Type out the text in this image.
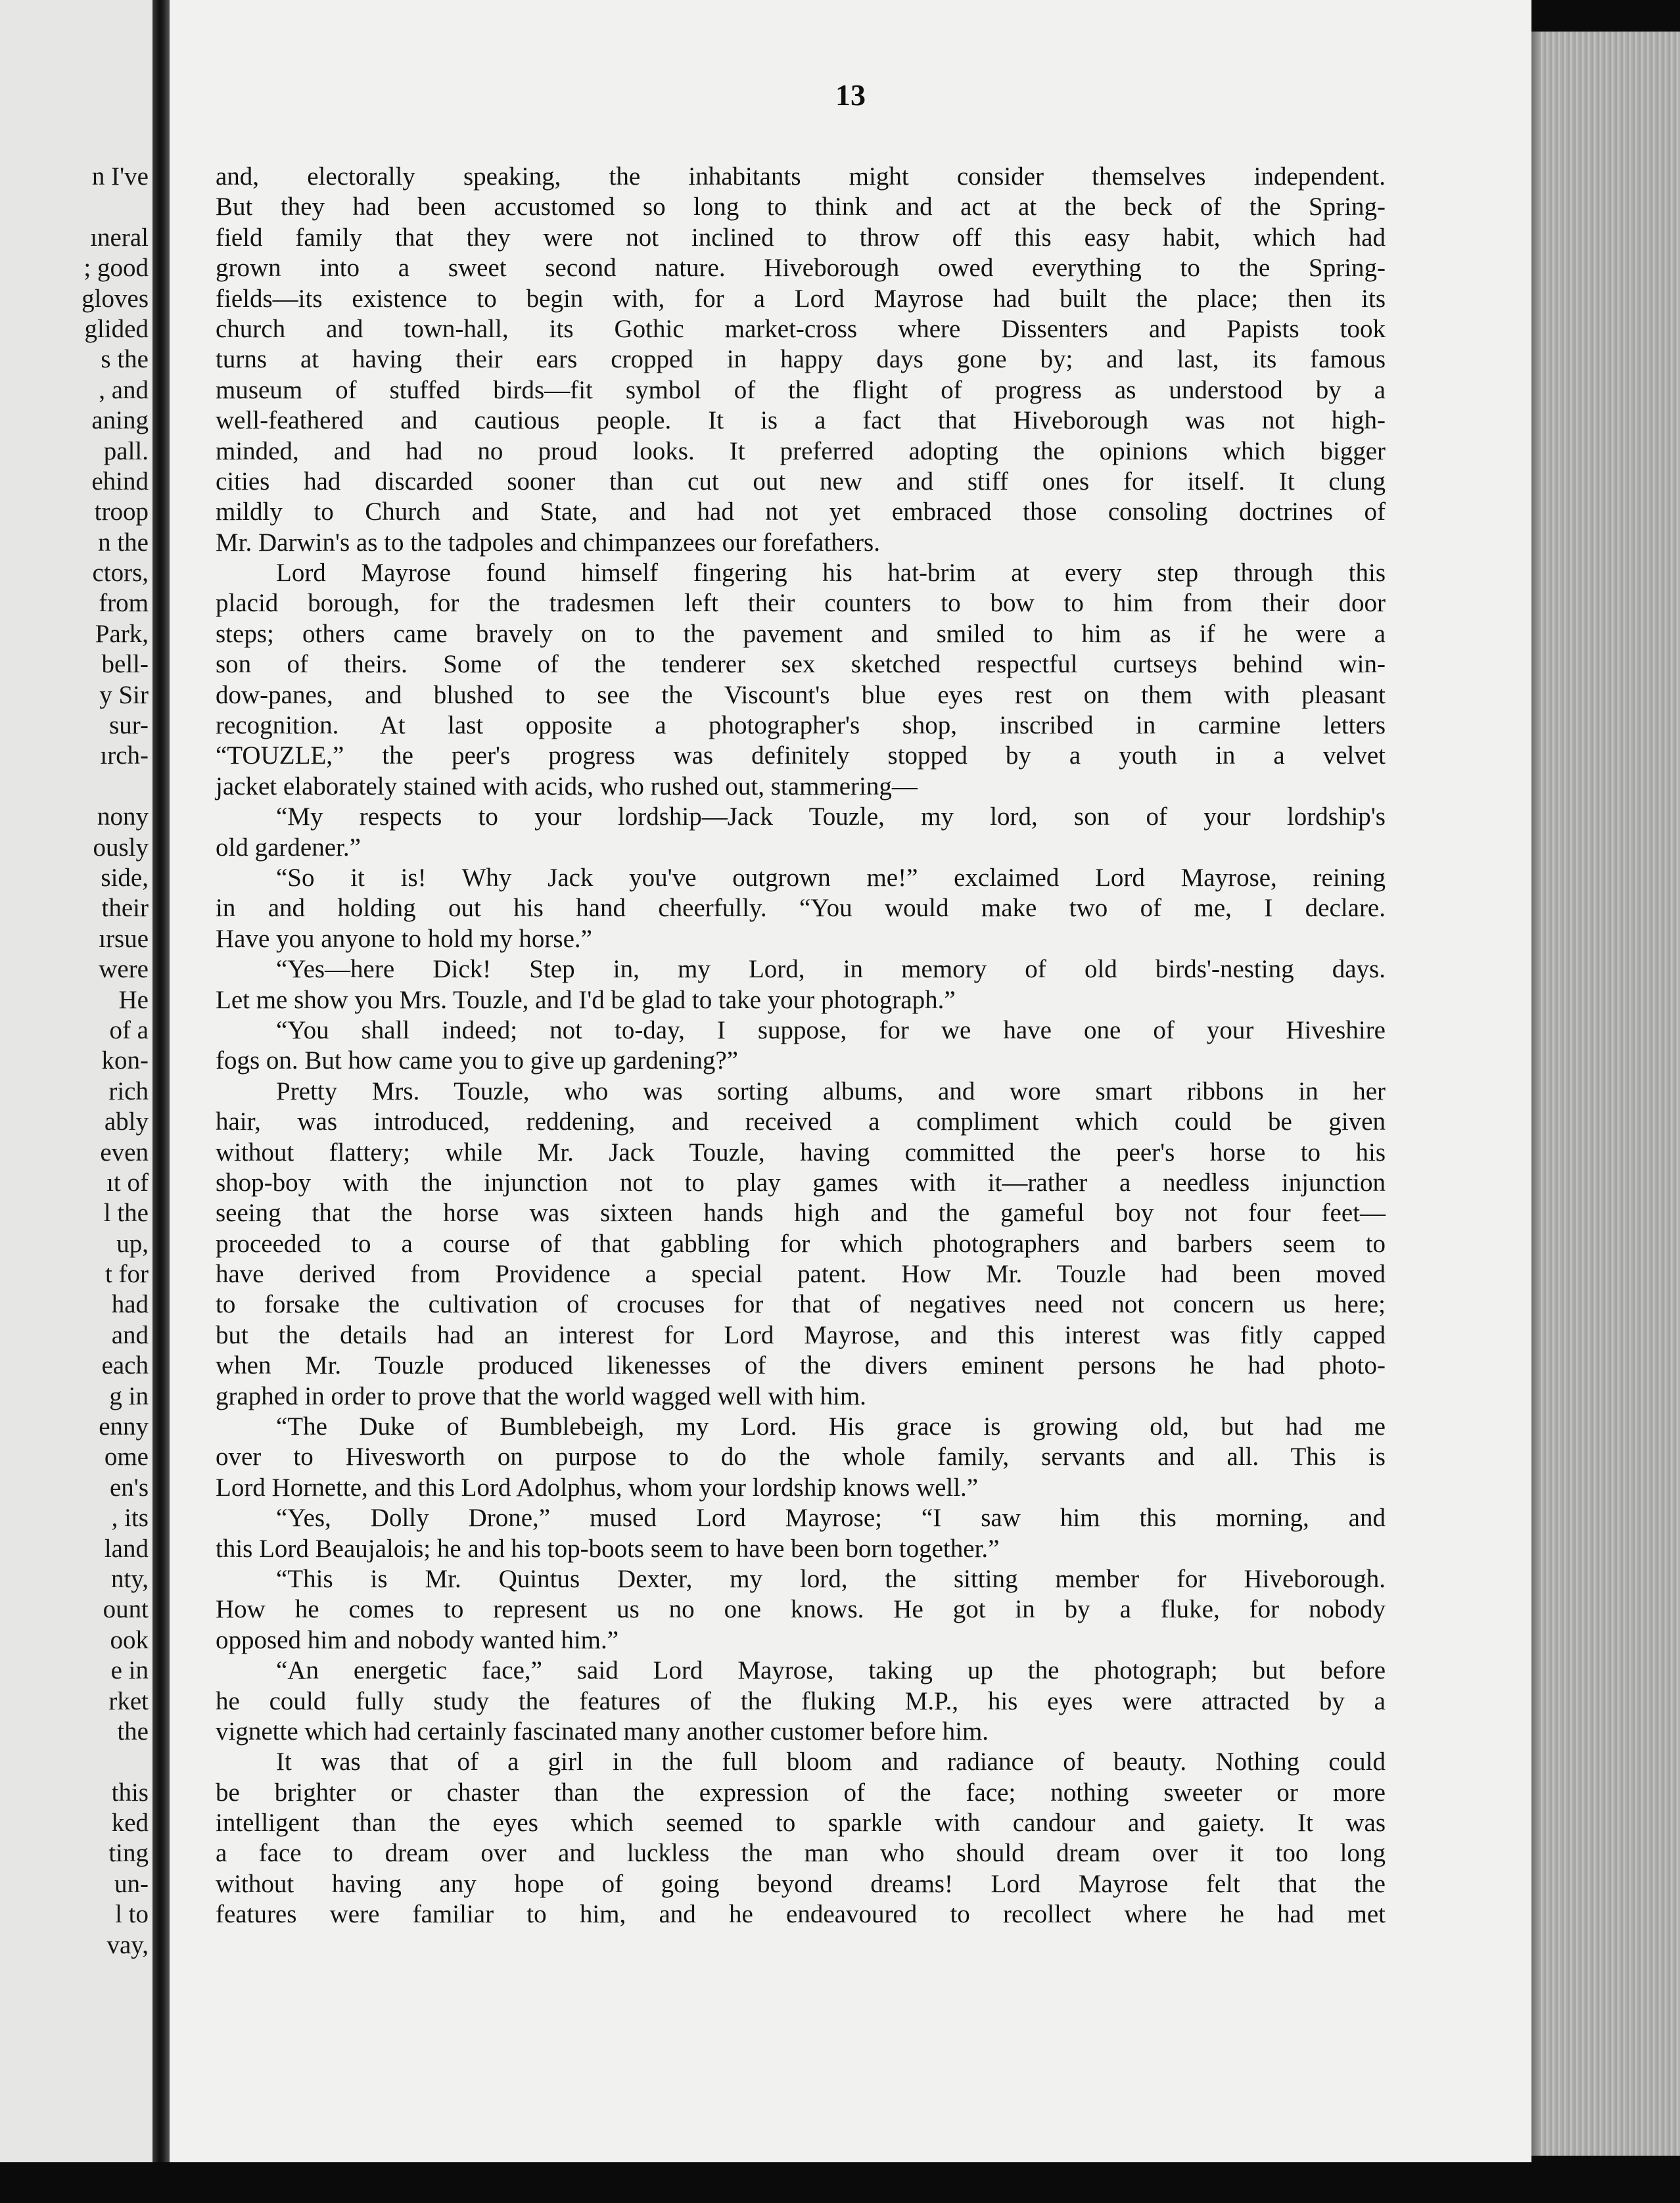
n I've
ıneral
; good
gloves
glided
s the
, and
aning
pall.
ehind
troop
n the
ctors,
from
Park,
bell-
y Sir
sur-
ırch-
nony
ously
side,
their
ırsue
were
He
of a
kon-
rich
ably
even
ıt of
l the
up,
t for
had
and
each
g in
enny
ome
en's
, its
land
nty,
ount
ook
e in
rket
the
this
ked
ting
un-
l to
vay,
13
and, electorally speaking, the inhabitants might consider themselves independent.
But they had been accustomed so long to think and act at the beck of the Spring-
field family that they were not inclined to throw off this easy habit, which had
grown into a sweet second nature. Hiveborough owed everything to the Spring-
fields—its existence to begin with, for a Lord Mayrose had built the place; then its
church and town-hall, its Gothic market-cross where Dissenters and Papists took
turns at having their ears cropped in happy days gone by; and last, its famous
museum of stuffed birds—fit symbol of the flight of progress as understood by a
well-feathered and cautious people. It is a fact that Hiveborough was not high-
minded, and had no proud looks. It preferred adopting the opinions which bigger
cities had discarded sooner than cut out new and stiff ones for itself. It clung
mildly to Church and State, and had not yet embraced those consoling doctrines of
Mr. Darwin's as to the tadpoles and chimpanzees our forefathers.
Lord Mayrose found himself fingering his hat-brim at every step through this
placid borough, for the tradesmen left their counters to bow to him from their door
steps; others came bravely on to the pavement and smiled to him as if he were a
son of theirs. Some of the tenderer sex sketched respectful curtseys behind win-
dow-panes, and blushed to see the Viscount's blue eyes rest on them with pleasant
recognition. At last opposite a photographer's shop, inscribed in carmine letters
“TOUZLE,” the peer's progress was definitely stopped by a youth in a velvet
jacket elaborately stained with acids, who rushed out, stammering—
“My respects to your lordship—Jack Touzle, my lord, son of your lordship's
old gardener.”
“So it is! Why Jack you've outgrown me!” exclaimed Lord Mayrose, reining
in and holding out his hand cheerfully. “You would make two of me, I declare.
Have you anyone to hold my horse.”
“Yes—here Dick! Step in, my Lord, in memory of old birds'-nesting days.
Let me show you Mrs. Touzle, and I'd be glad to take your photograph.”
“You shall indeed; not to-day, I suppose, for we have one of your Hiveshire
fogs on. But how came you to give up gardening?”
Pretty Mrs. Touzle, who was sorting albums, and wore smart ribbons in her
hair, was introduced, reddening, and received a compliment which could be given
without flattery; while Mr. Jack Touzle, having committed the peer's horse to his
shop-boy with the injunction not to play games with it—rather a needless injunction
seeing that the horse was sixteen hands high and the gameful boy not four feet—
proceeded to a course of that gabbling for which photographers and barbers seem to
have derived from Providence a special patent. How Mr. Touzle had been moved
to forsake the cultivation of crocuses for that of negatives need not concern us here;
but the details had an interest for Lord Mayrose, and this interest was fitly capped
when Mr. Touzle produced likenesses of the divers eminent persons he had photo-
graphed in order to prove that the world wagged well with him.
“The Duke of Bumblebeigh, my Lord. His grace is growing old, but had me
over to Hivesworth on purpose to do the whole family, servants and all. This is
Lord Hornette, and this Lord Adolphus, whom your lordship knows well.”
“Yes, Dolly Drone,” mused Lord Mayrose; “I saw him this morning, and
this Lord Beaujalois; he and his top-boots seem to have been born together.”
“This is Mr. Quintus Dexter, my lord, the sitting member for Hiveborough.
How he comes to represent us no one knows. He got in by a fluke, for nobody
opposed him and nobody wanted him.”
“An energetic face,” said Lord Mayrose, taking up the photograph; but before
he could fully study the features of the fluking M.P., his eyes were attracted by a
vignette which had certainly fascinated many another customer before him.
It was that of a girl in the full bloom and radiance of beauty. Nothing could
be brighter or chaster than the expression of the face; nothing sweeter or more
intelligent than the eyes which seemed to sparkle with candour and gaiety. It was
a face to dream over and luckless the man who should dream over it too long
without having any hope of going beyond dreams! Lord Mayrose felt that the
features were familiar to him, and he endeavoured to recollect where he had met
